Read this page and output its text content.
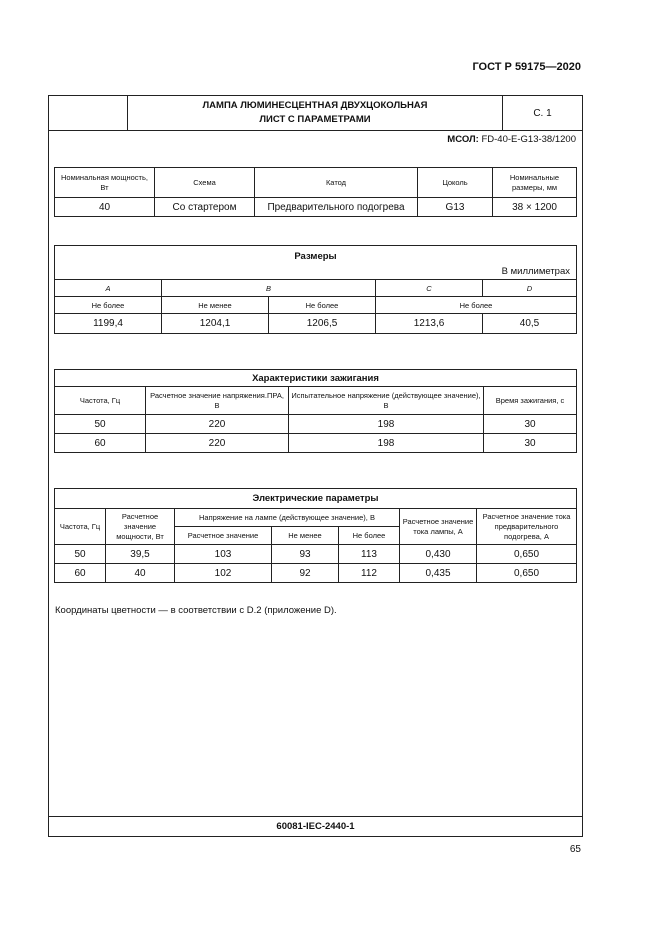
ГОСТ Р 59175—2020
ЛАМПА ЛЮМИНЕСЦЕНТНАЯ ДВУХЦОКОЛЬНАЯ
ЛИСТ С ПАРАМЕТРАМИ
С. 1
МСОЛ: FD-40-E-G13-38/1200
Номинальная мощность, Вт	Схема	Катод	Цоколь	Номинальные размеры, мм
40	Со стартером	Предварительного подогрева	G13	38 × 1200
Размеры
В миллиметрах				

A	B		C	D
Не более	Не менее	Не более	Не более	
1199,4	1204,1	1206,5	1213,6	40,5
Характеристики зажигания			
Частота, Гц	Расчетное значение напряжения.ПРА, В	Испытательное напряжение (действующее значение), В	Время зажигания, с
50	220	198	30
60	220	198	30
Электрические параметры						
Частота, Гц	Расчетное значение мощности, Вт	Напряжение на лампе (действующее значение), В			Расчетное значение тока лампы, А	Расчетное значение тока предварительного подогрева, А
		Расчетное значение	Не менее	Не более		
50	39,5	103	93	113	0,430	0,650
60	40	102	92	112	0,435	0,650
60081-IEC-2440-1
Координаты цветности — в соответствии с D.2 (приложение D).
65
